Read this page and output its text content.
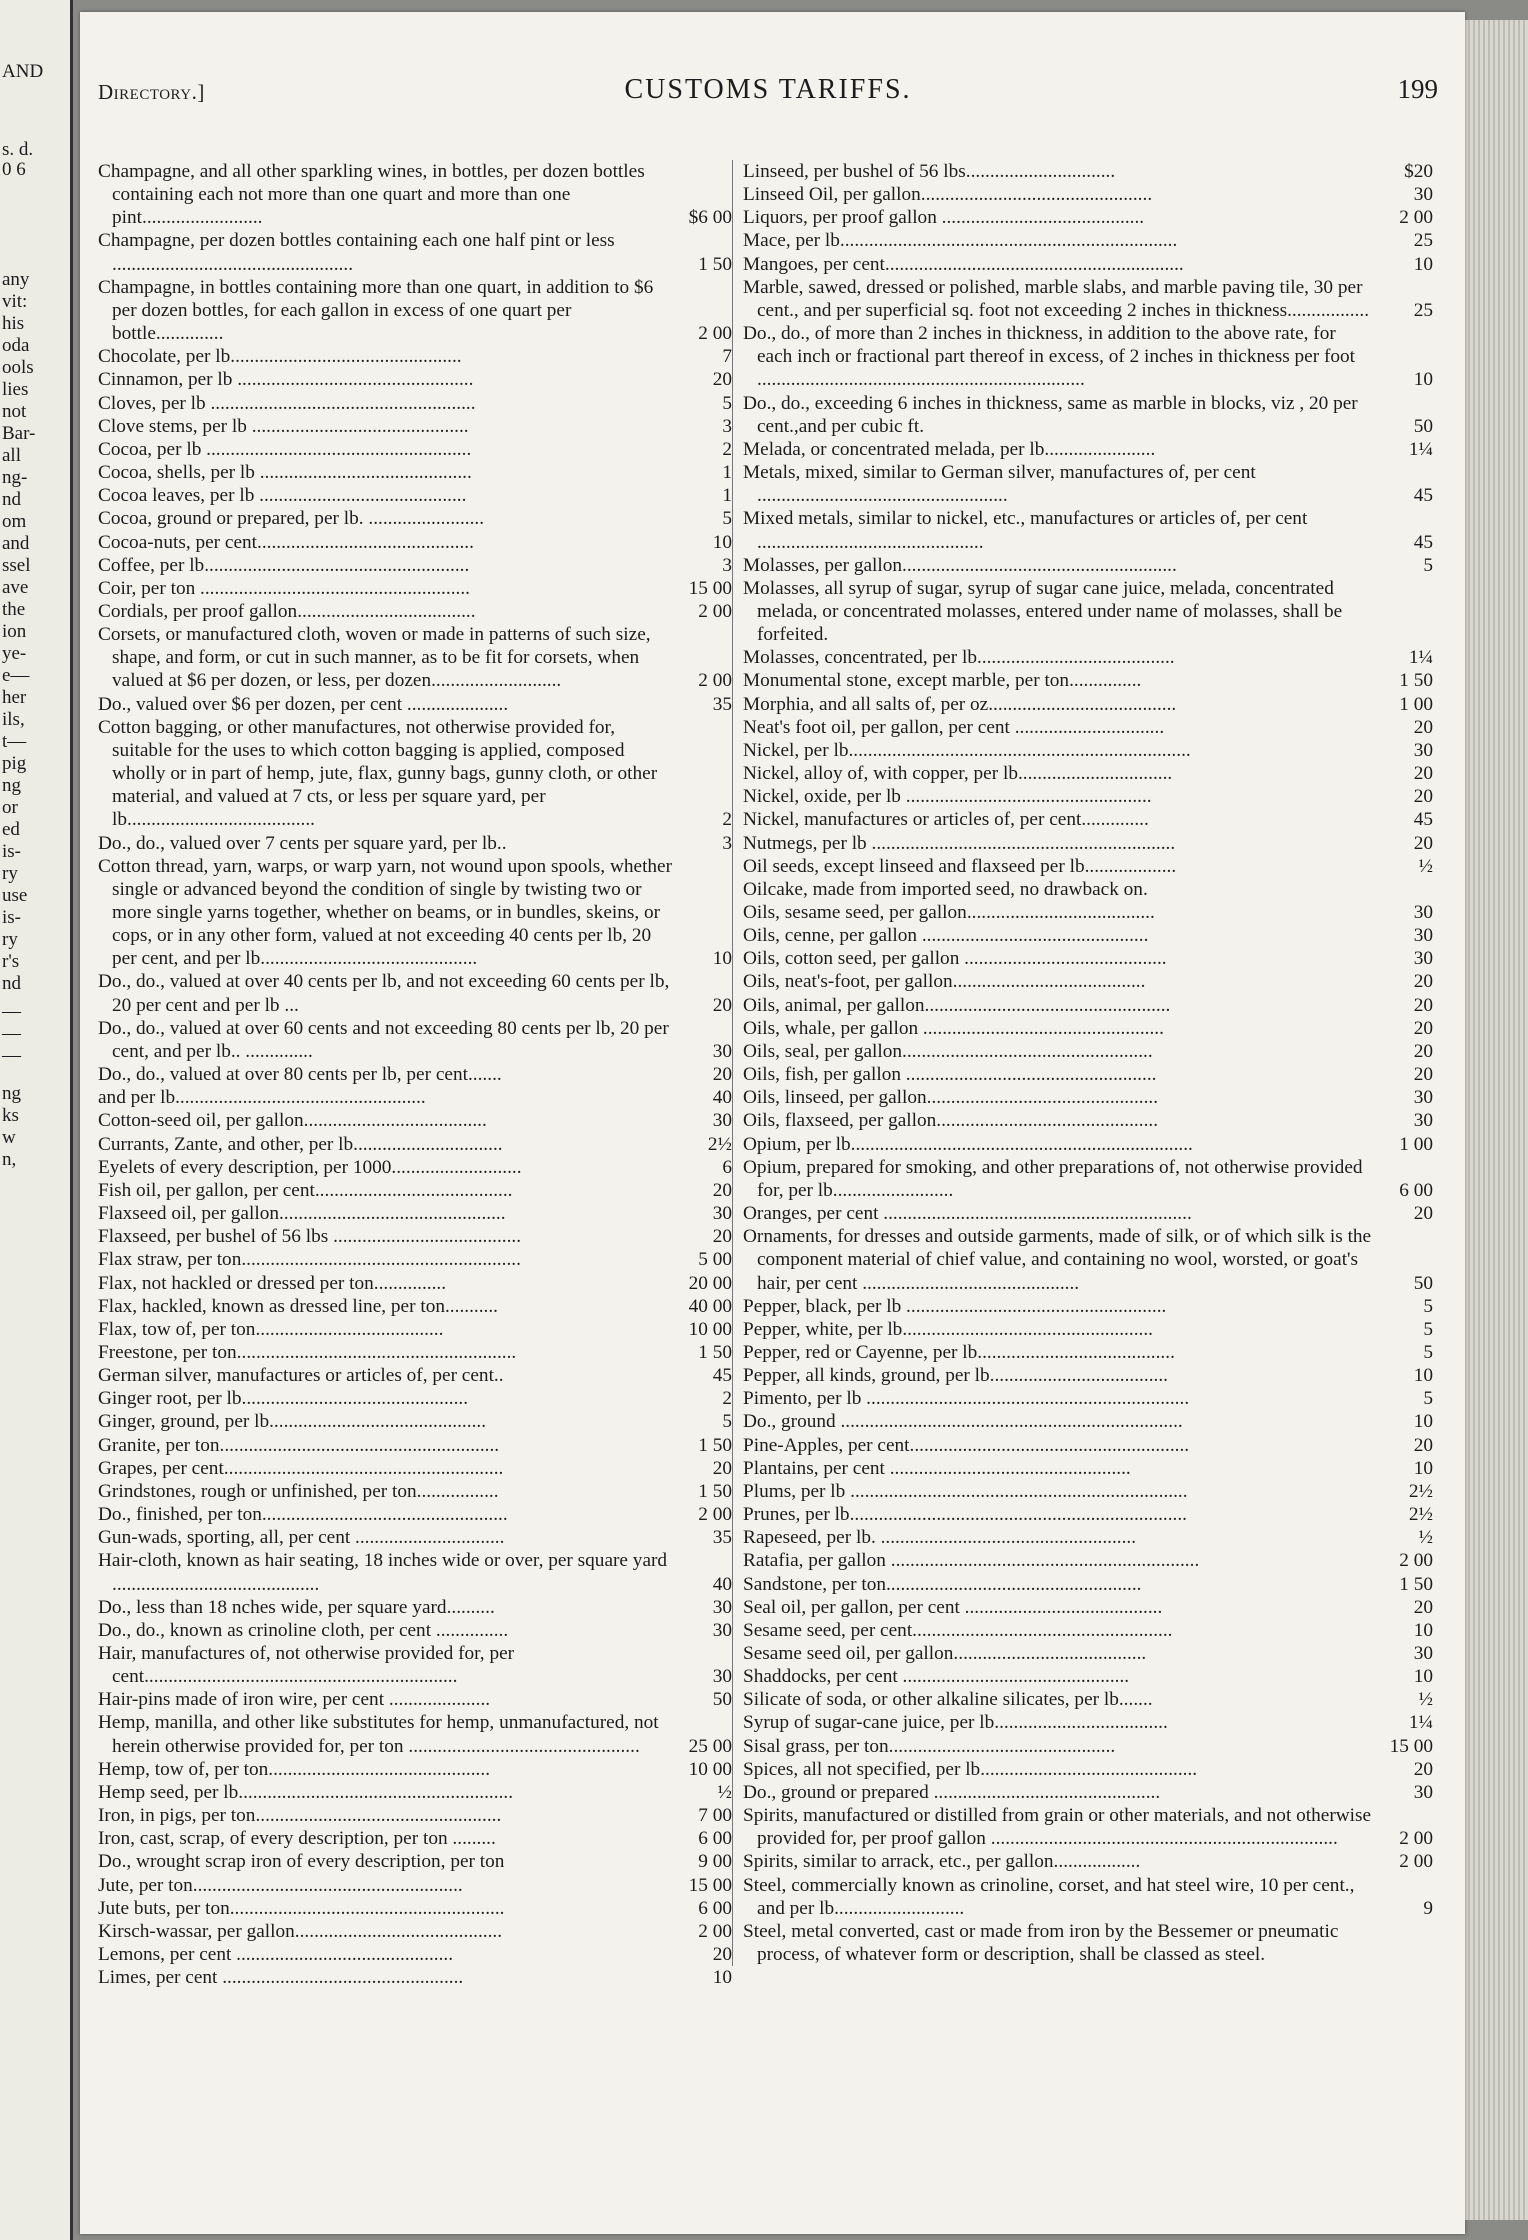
AND
s. d.
0 6
any
vit:
his
oda
ools
lies
not
Bar-
all
ng-
nd
om
and
ssel
ave
the
ion
ye-
e—
her
ils,
t—
pig
ng
or
ed
is-
ry
use
is-
ry
r's
nd
—
—
—
ng
ks
w
n,
Directory.]	CUSTOMS TARIFFS.	199
Champagne, and all other sparkling wines, in bottles, per dozen bottles containing each not more than one quart and more than one pint.........................	$6 00
Champagne, per dozen bottles containing each one half pint or less ..................................................	1 50
Champagne, in bottles containing more than one quart, in addition to $6 per dozen bottles, for each gallon in excess of one quart per bottle..............	2 00
Chocolate, per lb................................................	7
Cinnamon, per lb .................................................	20
Cloves, per lb .......................................................	5
Clove stems, per lb .............................................	3
Cocoa, per lb .......................................................	2
Cocoa, shells, per lb ............................................	1
Cocoa leaves, per lb ...........................................	1
Cocoa, ground or prepared, per lb. ........................	5
Cocoa-nuts, per cent.............................................	10
Coffee, per lb.......................................................	3
Coir, per ton ........................................................	15 00
Cordials, per proof gallon.....................................	2 00
Corsets, or manufactured cloth, woven or made in patterns of such size, shape, and form, or cut in such manner, as to be fit for corsets, when valued at $6 per dozen, or less, per dozen...........................	2 00
Do., valued over $6 per dozen, per cent .....................	35
Cotton bagging, or other manufactures, not otherwise provided for, suitable for the uses to which cotton bagging is applied, composed wholly or in part of hemp, jute, flax, gunny bags, gunny cloth, or other material, and valued at 7 cts, or less per square yard, per lb.......................................	2
Do., do., valued over 7 cents per square yard, per lb..	3
Cotton thread, yarn, warps, or warp yarn, not wound upon spools, whether single or advanced beyond the condition of single by twisting two or more single yarns together, whether on beams, or in bundles, skeins, or cops, or in any other form, valued at not exceeding 40 cents per lb, 20 per cent, and per lb.............................................	10
Do., do., valued at over 40 cents per lb, and not exceeding 60 cents per lb, 20 per cent and per lb ...	20
Do., do., valued at over 60 cents and not exceeding 80 cents per lb, 20 per cent, and per lb.. ..............	30
Do., do., valued at over 80 cents per lb, per cent.......	20
and per lb....................................................	40
Cotton-seed oil, per gallon......................................	30
Currants, Zante, and other, per lb...............................	2½
Eyelets of every description, per 1000...........................	6
Fish oil, per gallon, per cent.........................................	20
Flaxseed oil, per gallon...............................................	30
Flaxseed, per bushel of 56 lbs .......................................	20
Flax straw, per ton..........................................................	5 00
Flax, not hackled or dressed per ton...............	20 00
Flax, hackled, known as dressed line, per ton...........	40 00
Flax, tow of, per ton.......................................	10 00
Freestone, per ton..........................................................	1 50
German silver, manufactures or articles of, per cent..	45
Ginger root, per lb...............................................	2
Ginger, ground, per lb.............................................	5
Granite, per ton..........................................................	1 50
Grapes, per cent..........................................................	20
Grindstones, rough or unfinished, per ton.................	1 50
Do., finished, per ton...................................................	2 00
Gun-wads, sporting, all, per cent ...............................	35
Hair-cloth, known as hair seating, 18 inches wide or over, per square yard ...........................................	40
Do., less than 18 nches wide, per square yard..........	30
Do., do., known as crinoline cloth, per cent ...............	30
Hair, manufactures of, not otherwise provided for, per cent.................................................................	30
Hair-pins made of iron wire, per cent .....................	50
Hemp, manilla, and other like substitutes for hemp, unmanufactured, not herein otherwise provided for, per ton ................................................	25 00
Hemp, tow of, per ton..............................................	10 00
Hemp seed, per lb.........................................................	½
Iron, in pigs, per ton...................................................	7 00
Iron, cast, scrap, of every description, per ton .........	6 00
Do., wrought scrap iron of every description, per ton	9 00
Jute, per ton........................................................	15 00
Jute buts, per ton.........................................................	6 00
Kirsch-wassar, per gallon...........................................	2 00
Lemons, per cent .............................................	20
Limes, per cent ..................................................	10
Linseed, per bushel of 56 lbs...............................	$20
Linseed Oil, per gallon................................................	30
Liquors, per proof gallon ..........................................	2 00
Mace, per lb......................................................................	25
Mangoes, per cent..............................................................	10
Marble, sawed, dressed or polished, marble slabs, and marble paving tile, 30 per cent., and per superficial sq. foot not exceeding 2 inches in thickness.................	25
Do., do., of more than 2 inches in thickness, in addition to the above rate, for each inch or fractional part thereof in excess, of 2 inches in thickness per foot ....................................................................	10
Do., do., exceeding 6 inches in thickness, same as marble in blocks, viz , 20 per cent.,and per cubic ft.	50
Melada, or concentrated melada, per lb.......................	1¼
Metals, mixed, similar to German silver, manufactures of, per cent ....................................................	45
Mixed metals, similar to nickel, etc., manufactures or articles of, per cent ...............................................	45
Molasses, per gallon.........................................................	5
Molasses, all syrup of sugar, syrup of sugar cane juice, melada, concentrated melada, or concentrated molasses, entered under name of molasses, shall be forfeited.
Molasses, concentrated, per lb.........................................	1¼
Monumental stone, except marble, per ton...............	1 50
Morphia, and all salts of, per oz.......................................	1 00
Neat's foot oil, per gallon, per cent ...............................	20
Nickel, per lb.......................................................................	30
Nickel, alloy of, with copper, per lb................................	20
Nickel, oxide, per lb ...................................................	20
Nickel, manufactures or articles of, per cent..............	45
Nutmegs, per lb ...............................................................	20
Oil seeds, except linseed and flaxseed per lb...................	½
Oilcake, made from imported seed, no drawback on.
Oils, sesame seed, per gallon.......................................	30
Oils, cenne, per gallon ...............................................	30
Oils, cotton seed, per gallon ..........................................	30
Oils, neat's-foot, per gallon........................................	20
Oils, animal, per gallon...................................................	20
Oils, whale, per gallon ..................................................	20
Oils, seal, per gallon....................................................	20
Oils, fish, per gallon ....................................................	20
Oils, linseed, per gallon................................................	30
Oils, flaxseed, per gallon..............................................	30
Opium, per lb.......................................................................	1 00
Opium, prepared for smoking, and other preparations of, not otherwise provided for, per lb.........................	6 00
Oranges, per cent ................................................................	20
Ornaments, for dresses and outside garments, made of silk, or of which silk is the component material of chief value, and containing no wool, worsted, or goat's hair, per cent .............................................	50
Pepper, black, per lb ......................................................	5
Pepper, white, per lb....................................................	5
Pepper, red or Cayenne, per lb.........................................	5
Pepper, all kinds, ground, per lb.....................................	10
Pimento, per lb ...................................................................	5
Do., ground .......................................................................	10
Pine-Apples, per cent..........................................................	20
Plantains, per cent ..................................................	10
Plums, per lb ......................................................................	2½
Prunes, per lb......................................................................	2½
Rapeseed, per lb. .....................................................	½
Ratafia, per gallon ................................................................	2 00
Sandstone, per ton.....................................................	1 50
Seal oil, per gallon, per cent .........................................	20
Sesame seed, per cent......................................................	10
Sesame seed oil, per gallon........................................	30
Shaddocks, per cent ...............................................	10
Silicate of soda, or other alkaline silicates, per lb.......	½
Syrup of sugar-cane juice, per lb....................................	1¼
Sisal grass, per ton...............................................	15 00
Spices, all not specified, per lb.............................................	20
Do., ground or prepared ...............................................	30
Spirits, manufactured or distilled from grain or other materials, and not otherwise provided for, per proof gallon ........................................................................	2 00
Spirits, similar to arrack, etc., per gallon..................	2 00
Steel, commercially known as crinoline, corset, and hat steel wire, 10 per cent., and per lb...........................	9
Steel, metal converted, cast or made from iron by the Bessemer or pneumatic process, of whatever form or description, shall be classed as steel.
